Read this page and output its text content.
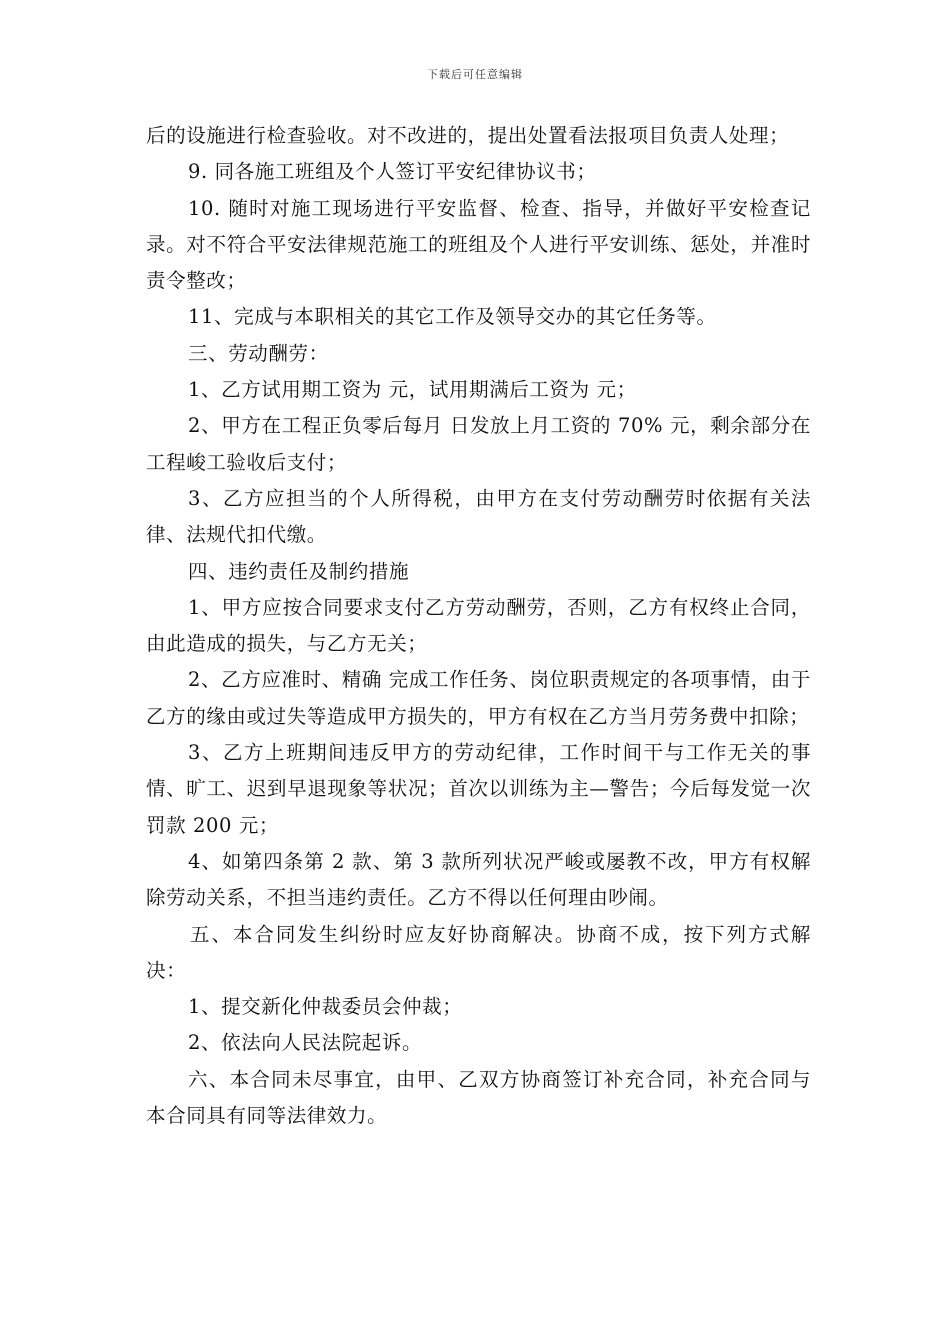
下载后可任意编辑

后的设施进行检查验收。对不改进的，提出处置看法报项目负责人处理；

9. 同各施工班组及个人签订平安纪律协议书；

10. 随时对施工现场进行平安监督、检查、指导，并做好平安检查记录。对不符合平安法律规范施工的班组及个人进行平安训练、惩处，并准时责令整改；

11、完成与本职相关的其它工作及领导交办的其它任务等。

三、劳动酬劳：

1、乙方试用期工资为 元，试用期满后工资为 元；

2、甲方在工程正负零后每月 日发放上月工资的 70% 元，剩余部分在工程峻工验收后支付；

3、乙方应担当的个人所得税，由甲方在支付劳动酬劳时依据有关法律、法规代扣代缴。

四、违约责任及制约措施

1、甲方应按合同要求支付乙方劳动酬劳，否则，乙方有权终止合同，由此造成的损失，与乙方无关；

2、乙方应准时、精确 完成工作任务、岗位职责规定的各项事情，由于乙方的缘由或过失等造成甲方损失的，甲方有权在乙方当月劳务费中扣除；

3、乙方上班期间违反甲方的劳动纪律，工作时间干与工作无关的事情、旷工、迟到早退现象等状况；首次以训练为主—警告；今后每发觉一次罚款 200 元；

4、如第四条第 2 款、第 3 款所列状况严峻或屡教不改，甲方有权解除劳动关系，不担当违约责任。乙方不得以任何理由吵闹。

五、本合同发生纠纷时应友好协商解决。协商不成，按下列方式解决：

1、提交新化仲裁委员会仲裁；

2、依法向人民法院起诉。

六、本合同未尽事宜，由甲、乙双方协商签订补充合同，补充合同与本合同具有同等法律效力。
